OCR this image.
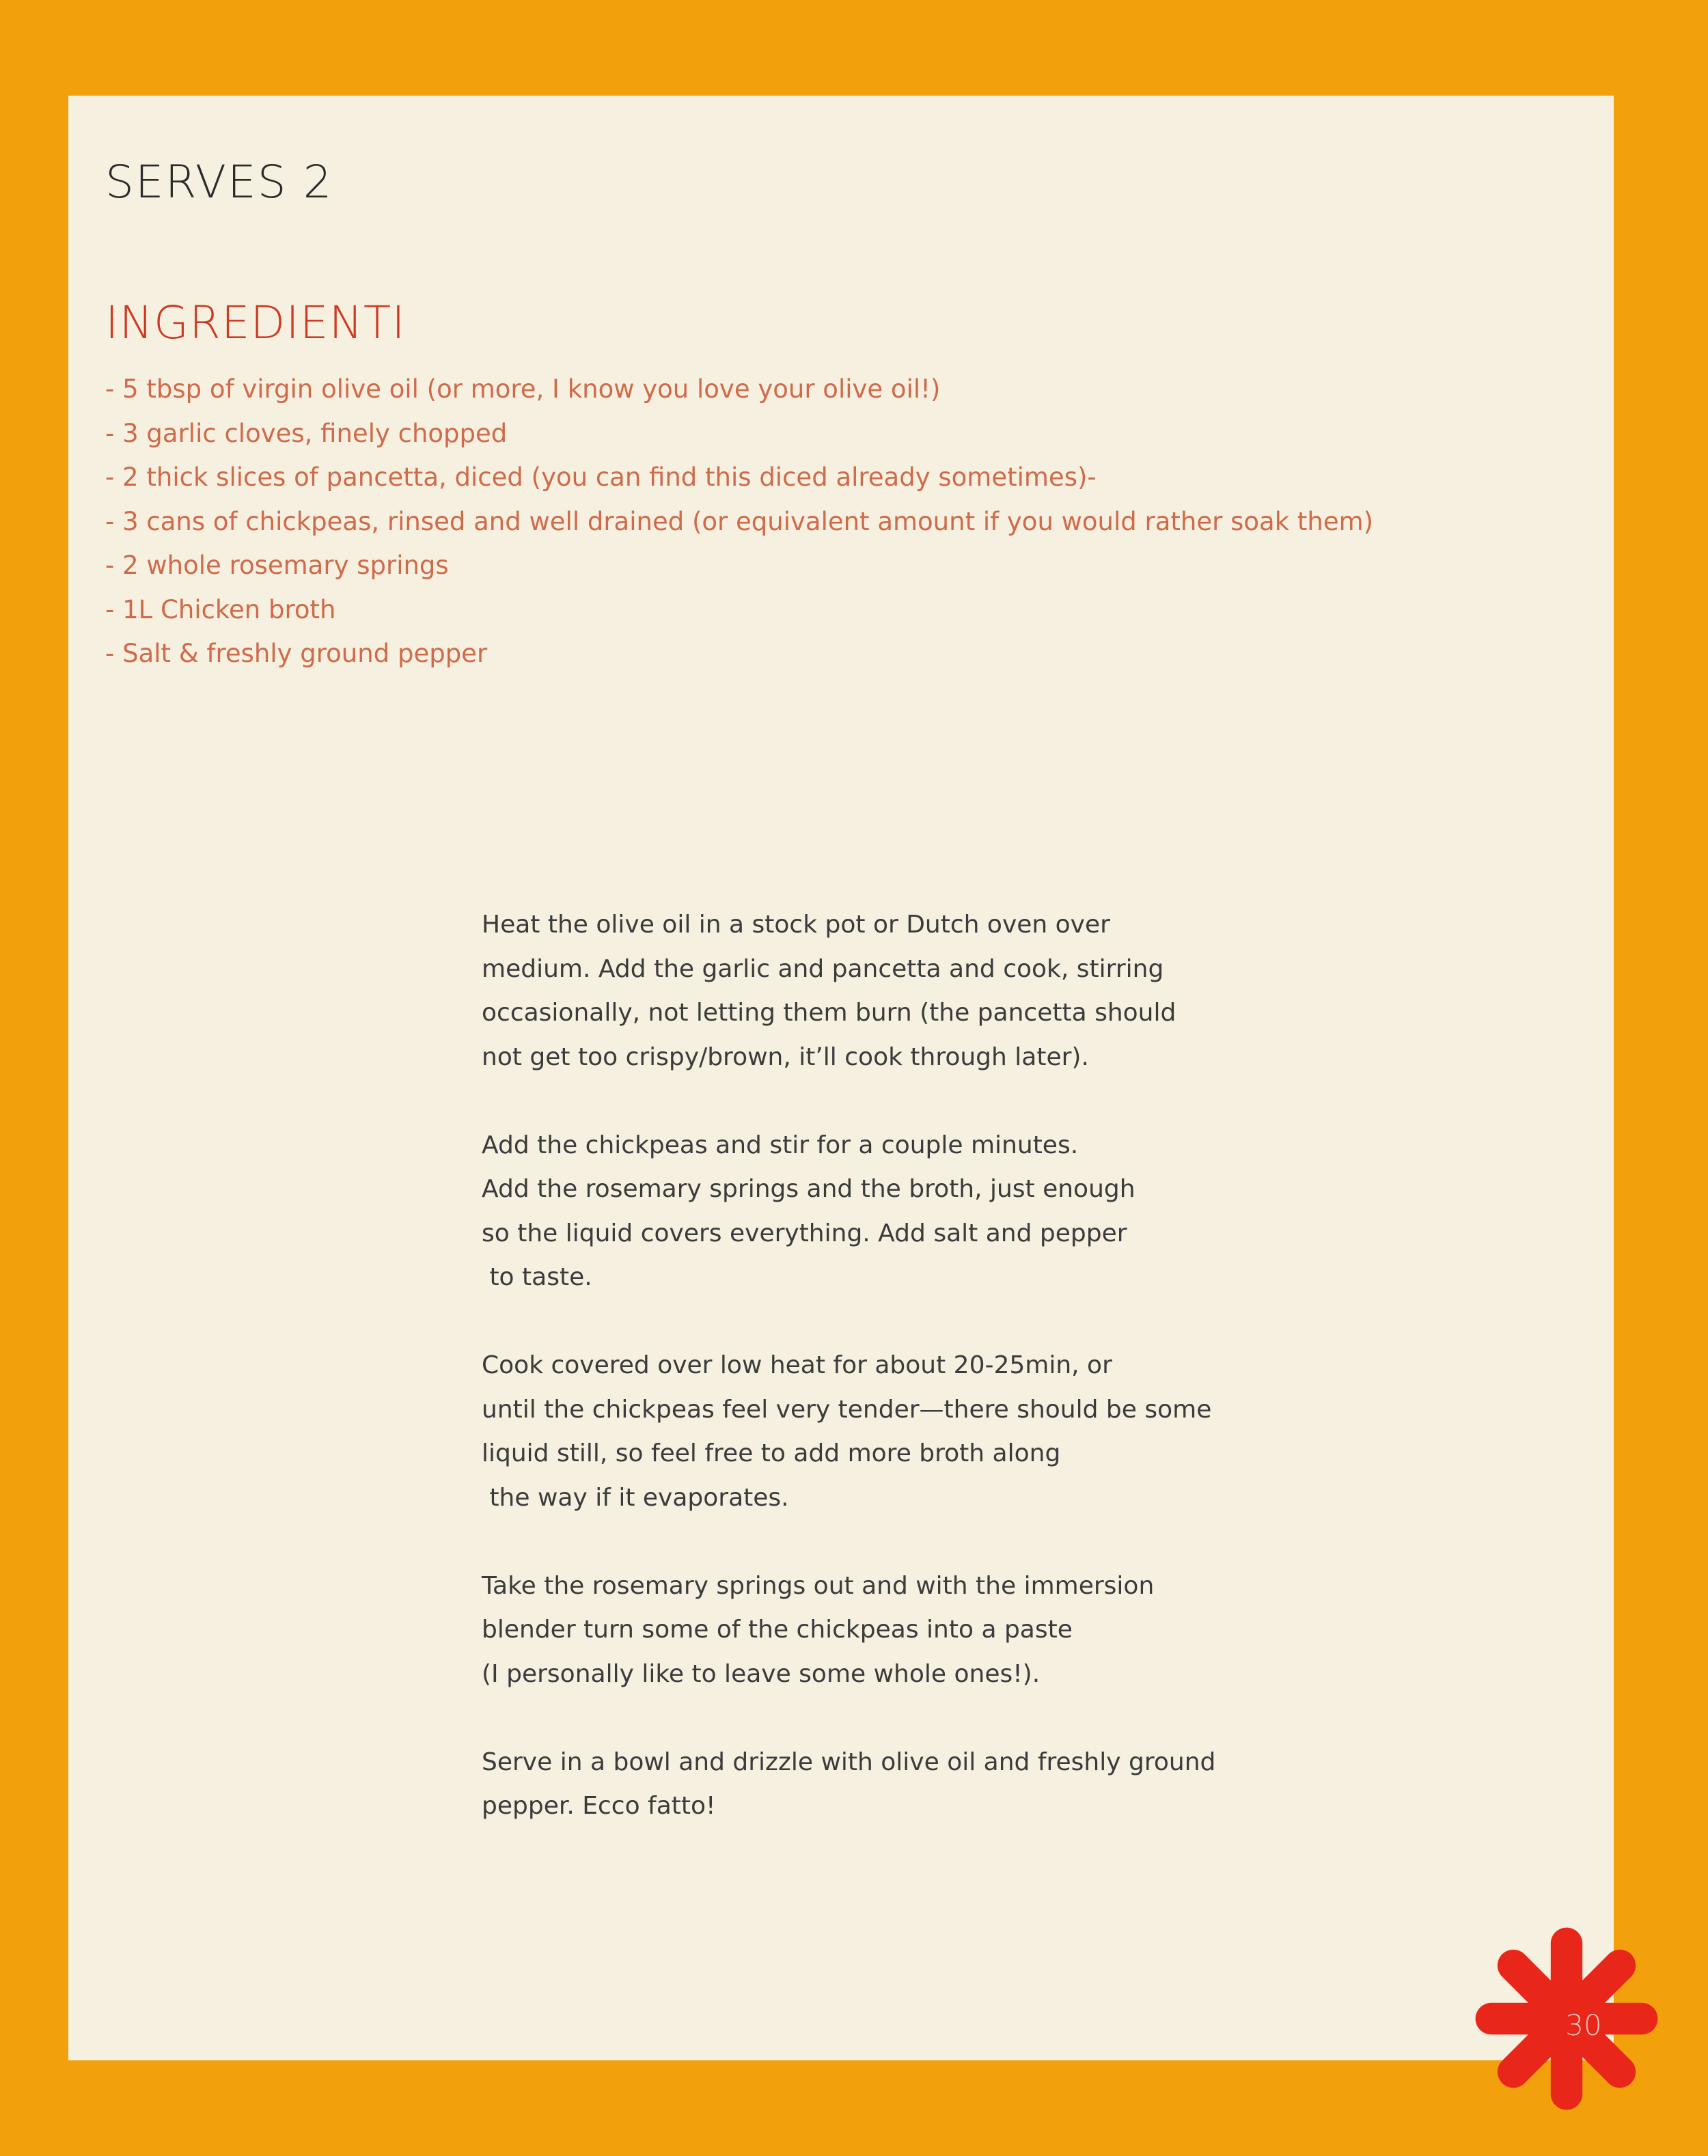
SERVES 2
INGREDIENTI
- 5 tbsp of virgin olive oil (or more, I know you love your olive oil!)
- 3 garlic cloves, finely chopped
- 2 thick slices of pancetta, diced (you can find this diced already sometimes)-
- 3 cans of chickpeas, rinsed and well drained (or equivalent amount if you would rather soak them)
- 2 whole rosemary springs
- 1L Chicken broth
- Salt & freshly ground pepper

Heat the olive oil in a stock pot or Dutch oven over
medium. Add the garlic and pancetta and cook, stirring
occasionally, not letting them burn (the pancetta should
not get too crispy/brown, it’ll cook through later).

Add the chickpeas and stir for a couple minutes.
Add the rosemary springs and the broth, just enough
so the liquid covers everything. Add salt and pepper
to taste.

Cook covered over low heat for about 20-25min, or
until the chickpeas feel very tender—there should be some
liquid still, so feel free to add more broth along
the way if it evaporates.

Take the rosemary springs out and with the immersion
blender turn some of the chickpeas into a paste
(I personally like to leave some whole ones!).

Serve in a bowl and drizzle with olive oil and freshly ground
pepper. Ecco fatto!

30
